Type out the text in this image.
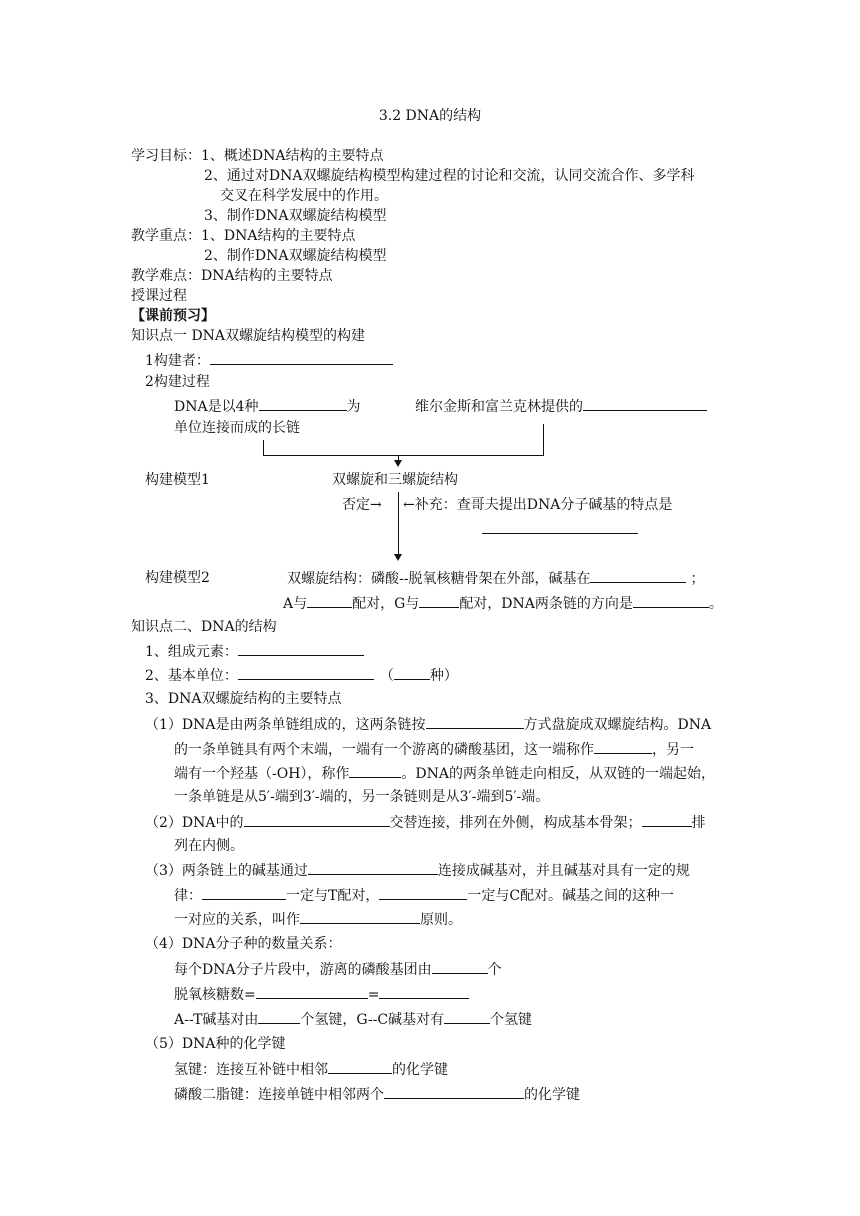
3.2 DNA的结构
学习目标：1、概述DNA结构的主要特点
2、通过对DNA双螺旋结构模型构建过程的讨论和交流，认同交流合作、多学科
交叉在科学发展中的作用。
3、制作DNA双螺旋结构模型
教学重点：1、DNA结构的主要特点
2、制作DNA双螺旋结构模型
教学难点：DNA结构的主要特点
授课过程
【课前预习】
知识点一 DNA双螺旋结构模型的构建
1构建者：
2构建过程
DNA是以4种	为	维尔金斯和富兰克林提供的
单位连接而成的长链
构建模型1	双螺旋和三螺旋结构
否定→ ←补充：查哥夫提出DNA分子碱基的特点是
构建模型2	双螺旋结构：磷酸--脱氧核糖骨架在外部，碱基在	；
A与	配对，G与	配对，DNA两条链的方向是	。
知识点二、DNA的结构
1、组成元素：
2、基本单位：	（	种）
3、DNA双螺旋结构的主要特点
（1）DNA是由两条单链组成的，这两条链按	方式盘旋成双螺旋结构。DNA
的一条单链具有两个末端，一端有一个游离的磷酸基团，这一端称作	，另一
端有一个羟基（-OH），称作	。DNA的两条单链走向相反，从双链的一端起始，
一条单链是从5′-端到3′-端的，另一条链则是从3′-端到5′-端。
（2）DNA中的	交替连接，排列在外侧，构成基本骨架；	排
列在内侧。
（3）两条链上的碱基通过	连接成碱基对，并且碱基对具有一定的规
律：	一定与T配对，	一定与C配对。碱基之间的这种一
一对应的关系，叫作	原则。
（4）DNA分子种的数量关系：
每个DNA分子片段中，游离的磷酸基团由	个
脱氧核糖数=	=
A--T碱基对由	个氢键，G--C碱基对有	个氢键
（5）DNA种的化学键
氢键：连接互补链中相邻	的化学键
磷酸二脂键：连接单链中相邻两个	的化学键
